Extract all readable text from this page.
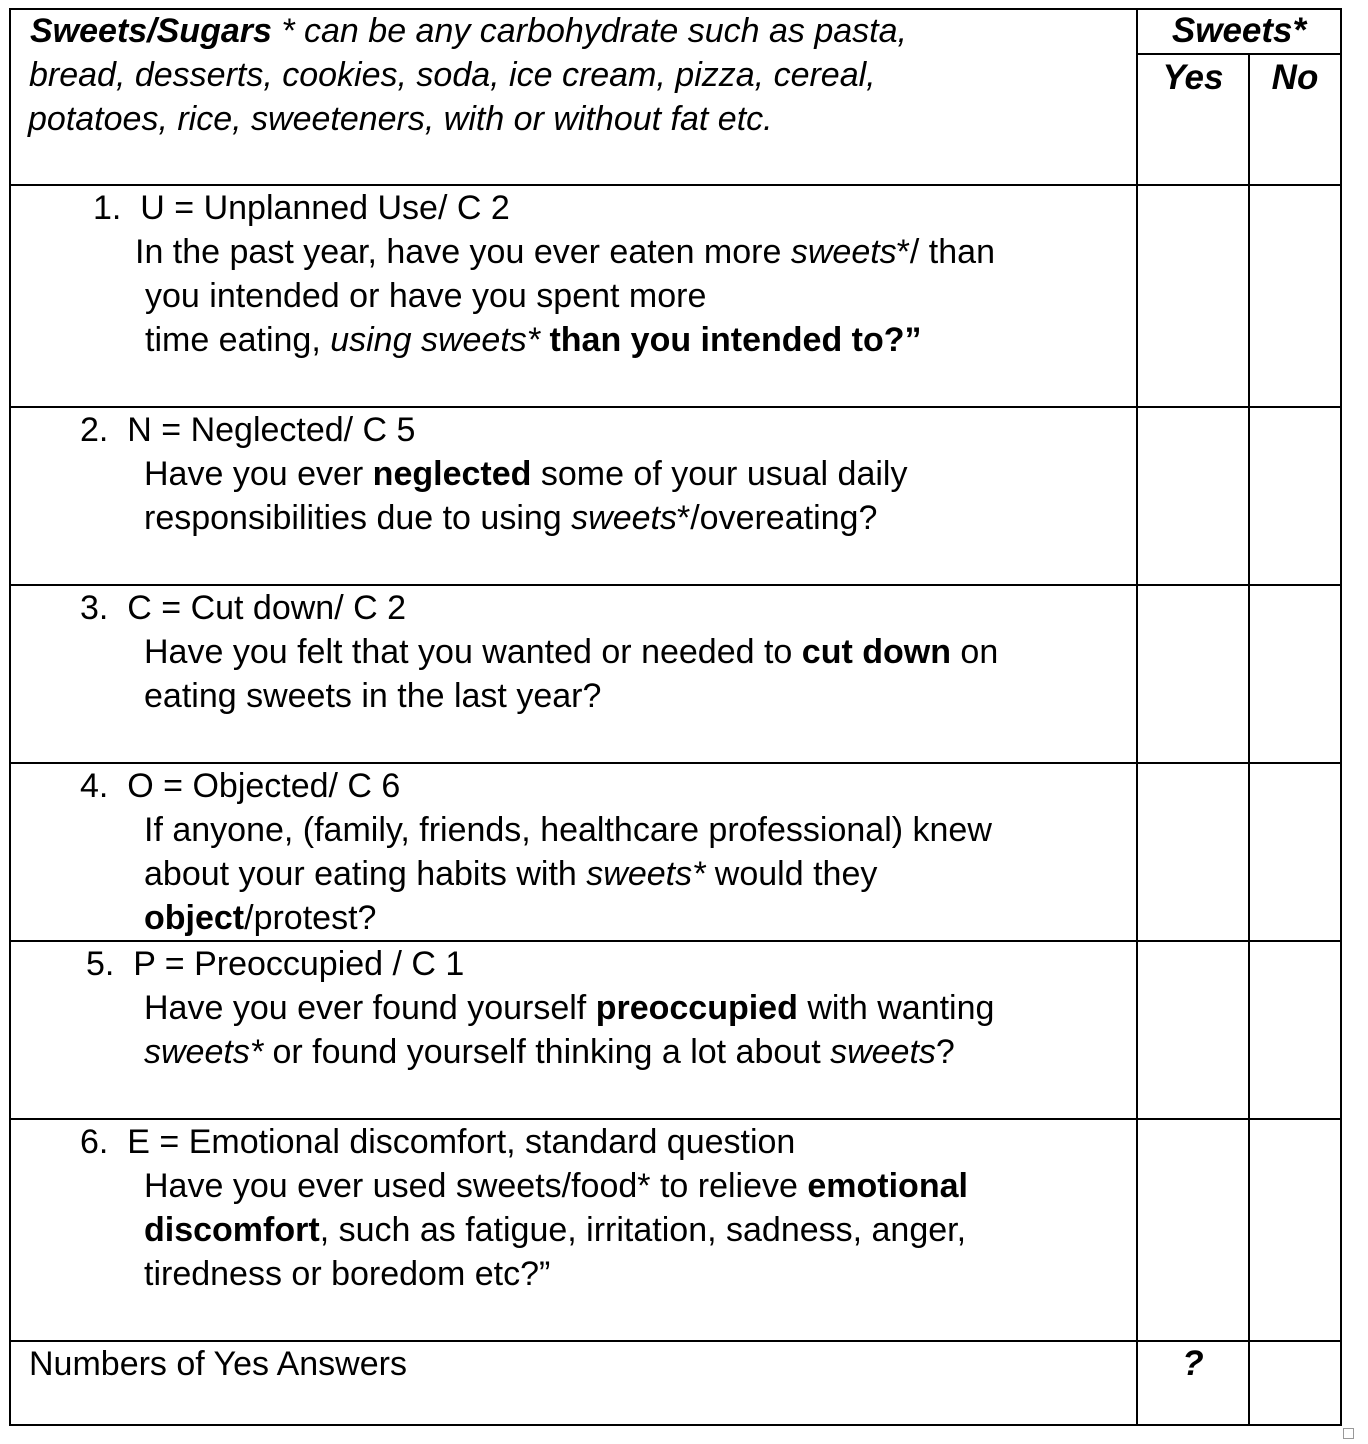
Sweets/Sugars * can be any carbohydrate such as pasta,
bread, desserts, cookies, soda, ice cream, pizza, cereal,
potatoes, rice, sweeteners, with or without fat etc.
Sweets*
Yes	No
1. U = Unplanned Use/ C 2
In the past year, have you ever eaten more sweets*/ than
you intended or have you spent more
time eating, using sweets* than you intended to?”
2. N = Neglected/ C 5
Have you ever neglected some of your usual daily
responsibilities due to using sweets*/overeating?
3. C = Cut down/ C 2
Have you felt that you wanted or needed to cut down on
eating sweets in the last year?
4. O = Objected/ C 6
If anyone, (family, friends, healthcare professional) knew
about your eating habits with sweets* would they
object/protest?
5. P = Preoccupied / C 1
Have you ever found yourself preoccupied with wanting
sweets* or found yourself thinking a lot about sweets?
6. E = Emotional discomfort, standard question
Have you ever used sweets/food* to relieve emotional
discomfort, such as fatigue, irritation, sadness, anger,
tiredness or boredom etc?”
Numbers of Yes Answers	?
